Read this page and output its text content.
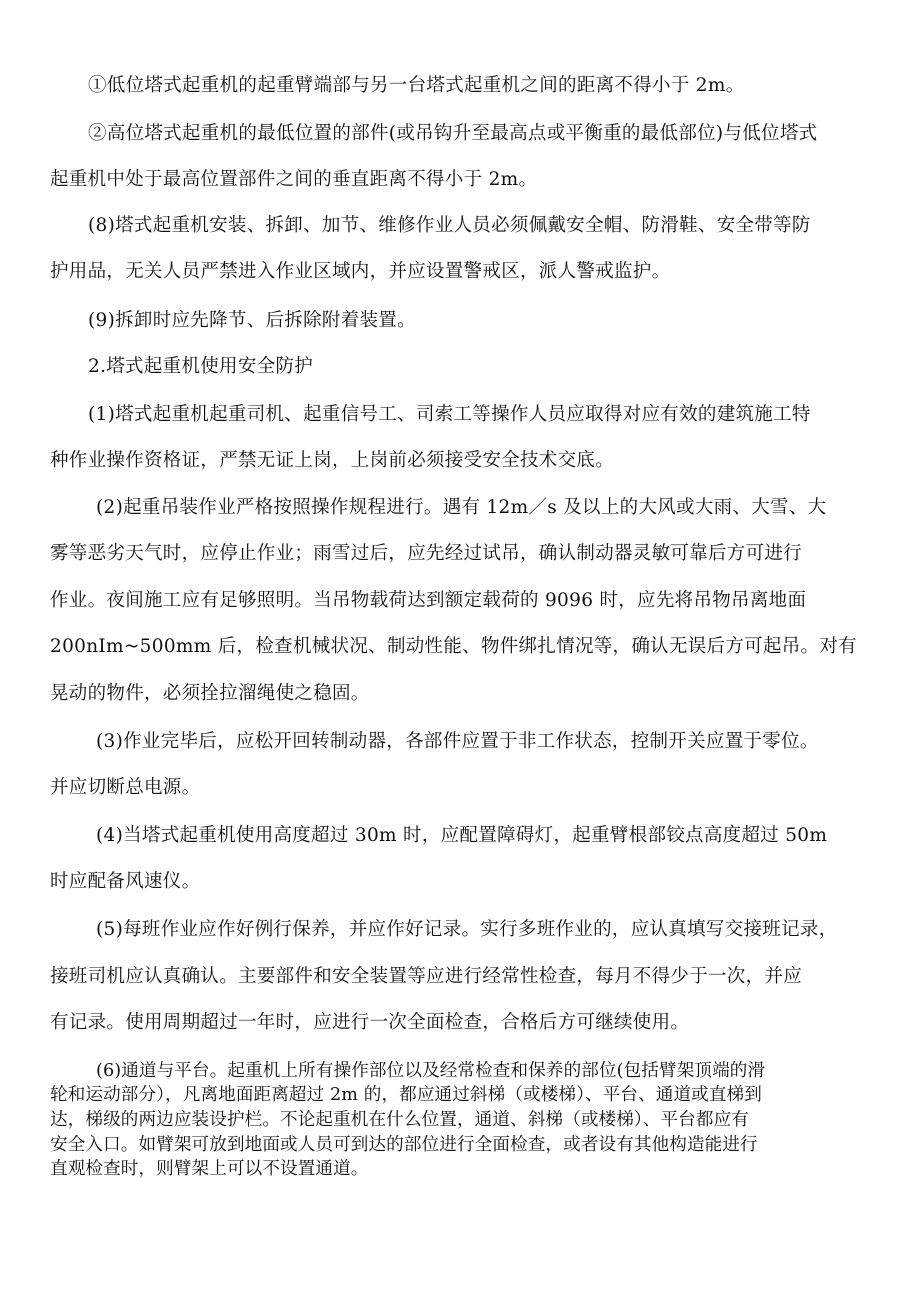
①低位塔式起重机的起重臂端部与另一台塔式起重机之间的距离不得小于 2m。

②高位塔式起重机的最低位置的部件(或吊钩升至最高点或平衡重的最低部位)与低位塔式

起重机中处于最高位置部件之间的垂直距离不得小于 2m。

(8)塔式起重机安装、拆卸、加节、维修作业人员必须佩戴安全帽、防滑鞋、安全带等防

护用品，无关人员严禁进入作业区域内，并应设置警戒区，派人警戒监护。

(9)拆卸时应先降节、后拆除附着装置。

2.塔式起重机使用安全防护

(1)塔式起重机起重司机、起重信号工、司索工等操作人员应取得对应有效的建筑施工特

种作业操作资格证，严禁无证上岗，上岗前必须接受安全技术交底。

(2)起重吊装作业严格按照操作规程进行。遇有 12m／s 及以上的大风或大雨、大雪、大

雾等恶劣天气时，应停止作业；雨雪过后，应先经过试吊，确认制动器灵敏可靠后方可进行

作业。夜间施工应有足够照明。当吊物载荷达到额定载荷的 9096 时，应先将吊物吊离地面

200nIm~500mm 后，检查机械状况、制动性能、物件绑扎情况等，确认无误后方可起吊。对有

晃动的物件，必须拴拉溜绳使之稳固。

(3)作业完毕后，应松开回转制动器，各部件应置于非工作状态，控制开关应置于零位。

并应切断总电源。

(4)当塔式起重机使用高度超过 30m 时，应配置障碍灯，起重臂根部铰点高度超过 50m

时应配备风速仪。

(5)每班作业应作好例行保养，并应作好记录。实行多班作业的，应认真填写交接班记录，

接班司机应认真确认。主要部件和安全装置等应进行经常性检查，每月不得少于一次，并应

有记录。使用周期超过一年时，应进行一次全面检查，合格后方可继续使用。

(6)通道与平台。起重机上所有操作部位以及经常检查和保养的部位(包括臂架顶端的滑

轮和运动部分），凡离地面距离超过 2m 的，都应通过斜梯（或楼梯）、平台、通道或直梯到

达，梯级的两边应装设护栏。不论起重机在什么位置，通道、斜梯（或楼梯）、平台都应有

安全入口。如臂架可放到地面或人员可到达的部位进行全面检查，或者设有其他构造能进行

直观检查时，则臂架上可以不设置通道。
